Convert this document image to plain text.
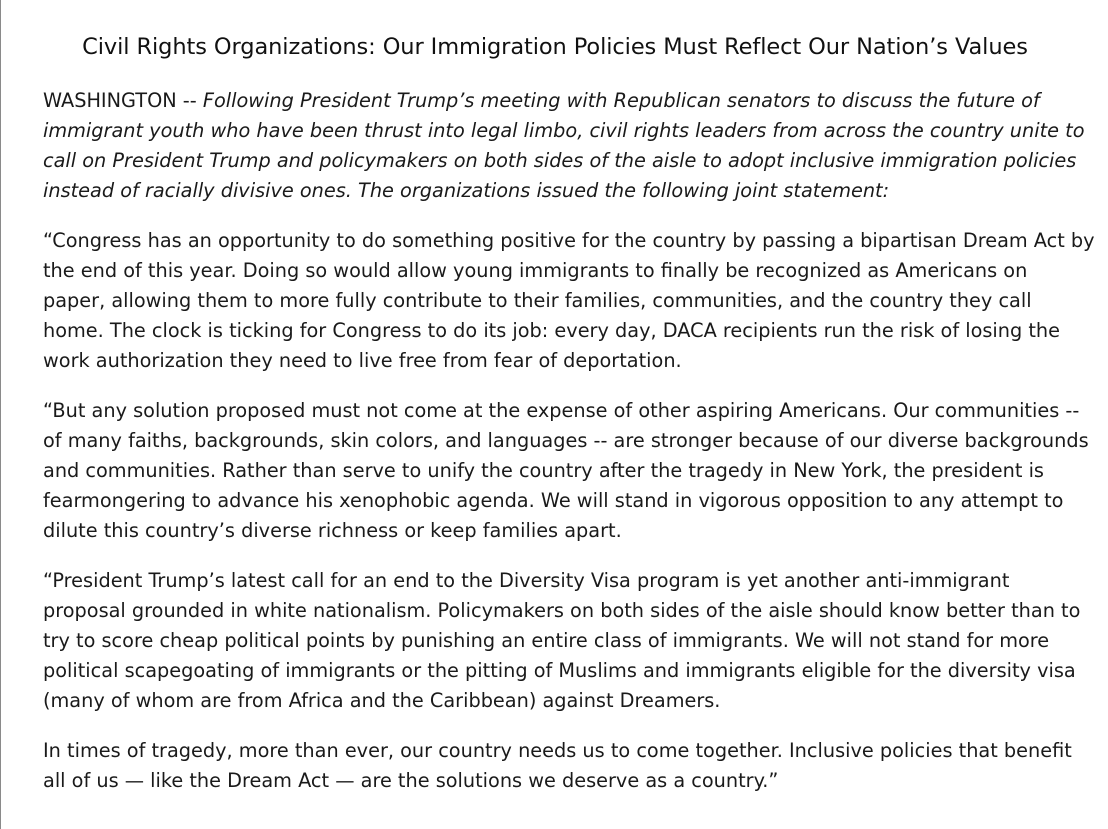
Civil Rights Organizations: Our Immigration Policies Must Reflect Our Nation’s Values

WASHINGTON -- Following President Trump’s meeting with Republican senators to discuss the future of immigrant youth who have been thrust into legal limbo, civil rights leaders from across the country unite to call on President Trump and policymakers on both sides of the aisle to adopt inclusive immigration policies instead of racially divisive ones. The organizations issued the following joint statement:

“Congress has an opportunity to do something positive for the country by passing a bipartisan Dream Act by the end of this year. Doing so would allow young immigrants to finally be recognized as Americans on paper, allowing them to more fully contribute to their families, communities, and the country they call home. The clock is ticking for Congress to do its job: every day, DACA recipients run the risk of losing the work authorization they need to live free from fear of deportation.

“But any solution proposed must not come at the expense of other aspiring Americans. Our communities -- of many faiths, backgrounds, skin colors, and languages -- are stronger because of our diverse backgrounds and communities. Rather than serve to unify the country after the tragedy in New York, the president is fearmongering to advance his xenophobic agenda. We will stand in vigorous opposition to any attempt to dilute this country’s diverse richness or keep families apart.

“President Trump’s latest call for an end to the Diversity Visa program is yet another anti-immigrant proposal grounded in white nationalism. Policymakers on both sides of the aisle should know better than to try to score cheap political points by punishing an entire class of immigrants. We will not stand for more political scapegoating of immigrants or the pitting of Muslims and immigrants eligible for the diversity visa (many of whom are from Africa and the Caribbean) against Dreamers.

In times of tragedy, more than ever, our country needs us to come together. Inclusive policies that benefit all of us — like the Dream Act — are the solutions we deserve as a country.”
